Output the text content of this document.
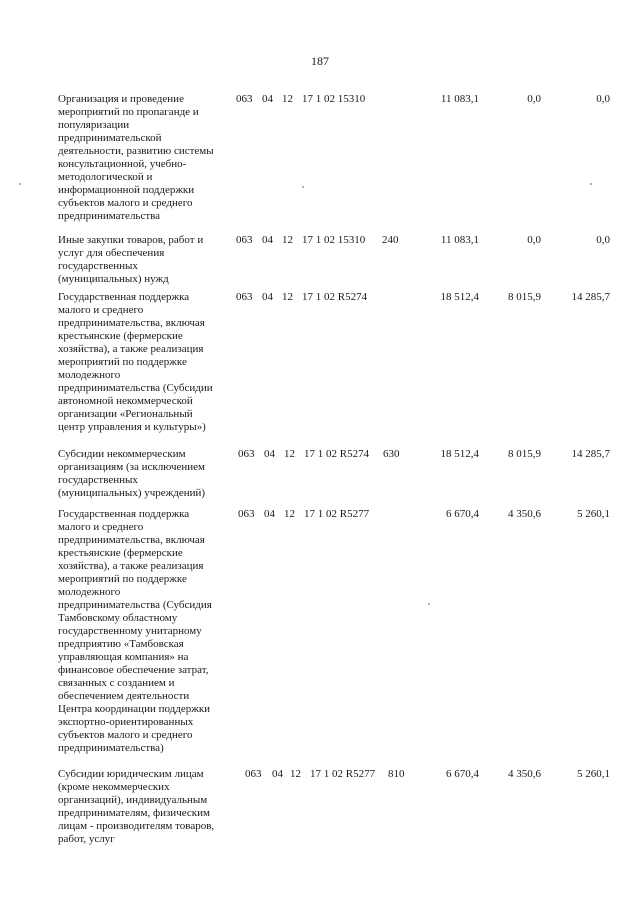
187
Организация и проведение
мероприятий по пропаганде и
популяризации
предпринимательской
деятельности, развитию системы
консультационной, учебно-
методологической и
информационной поддержки
субъектов малого и среднего
предпринимательства
063 04 12 17 1 02 15310	11 083,1	0,0	0,0
Иные закупки товаров, работ и
услуг для обеспечения
государственных
(муниципальных) нужд
063 04 12 17 1 02 15310 240	11 083,1	0,0	0,0
Государственная поддержка
малого и среднего
предпринимательства, включая
крестьянские (фермерские
хозяйства), а также реализация
мероприятий по поддержке
молодежного
предпринимательства (Субсидии
автономной некоммерческой
организации «Региональный
центр управления и культуры»)
063 04 12 17 1 02 R5274	18 512,4	8 015,9	14 285,7
Субсидии некоммерческим
организациям (за исключением
государственных
(муниципальных) учреждений)
063 04 12 17 1 02 R5274 630	18 512,4	8 015,9	14 285,7
Государственная поддержка
малого и среднего
предпринимательства, включая
крестьянские (фермерские
хозяйства), а также реализация
мероприятий по поддержке
молодежного
предпринимательства (Субсидия
Тамбовскому областному
государственному унитарному
предприятию «Тамбовская
управляющая компания» на
финансовое обеспечение затрат,
связанных с созданием и
обеспечением деятельности
Центра координации поддержки
экспортно-ориентированных
субъектов малого и среднего
предпринимательства)
063 04 12 17 1 02 R5277	6 670,4	4 350,6	5 260,1
Субсидии юридическим лицам
(кроме некоммерческих
организаций), индивидуальным
предпринимателям, физическим
лицам - производителям товаров,
работ, услуг
063 04 12 17 1 02 R5277 810	6 670,4	4 350,6	5 260,1
